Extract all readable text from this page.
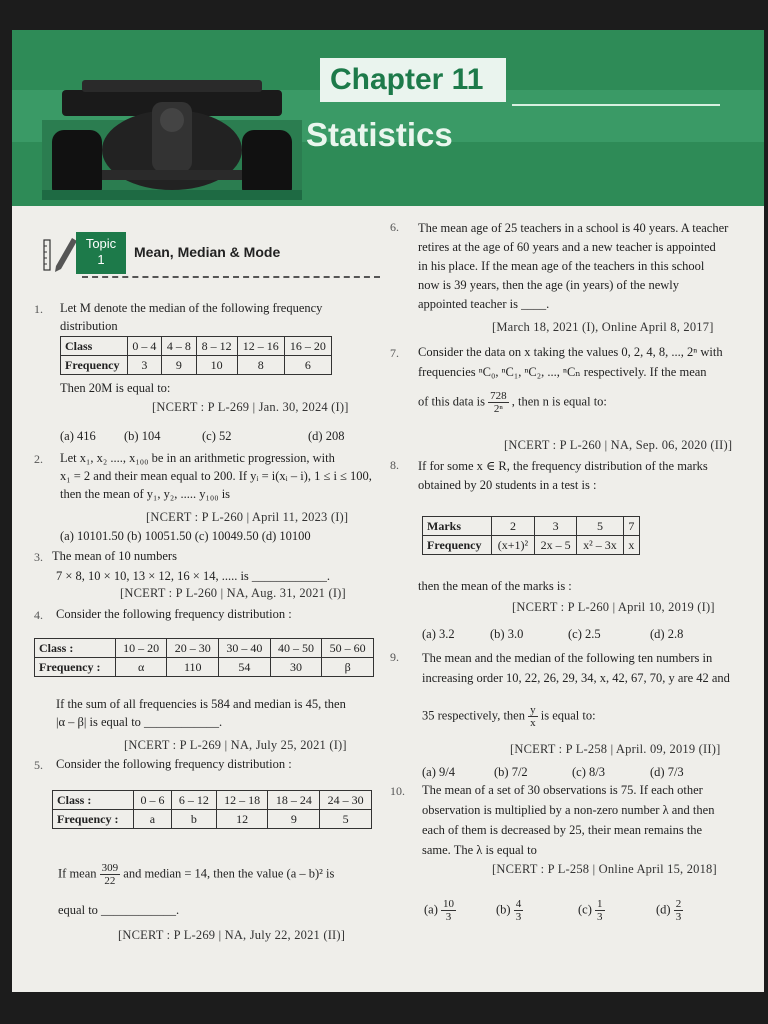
Chapter 11
Statistics
Topic
1	Mean, Median & Mode
1. Let M denote the median of the following frequency
distribution
Class	0 – 4	4 – 8	8 – 12	12 – 16	16 – 20
Frequency	3	9	10	8	6
Then 20M is equal to:
[NCERT : P L-269 | Jan. 30, 2024 (I)]
(a) 416 (b) 104	(c) 52	(d) 208
2. Let x₁, x₂ ...., x₁₀₀ be in an arithmetic progression, with
x₁ = 2 and their mean equal to 200. If yᵢ = i(xᵢ – i), 1 ≤ i ≤ 100,
then the mean of y₁, y₂, ..... y₁₀₀ is
[NCERT : P L-260 | April 11, 2023 (I)]
(a) 10101.50 (b) 10051.50 (c) 10049.50 (d) 10100
3. The mean of 10 numbers
7 × 8, 10 × 10, 13 × 12, 16 × 14, ..... is ____________.
[NCERT : P L-260 | NA, Aug. 31, 2021 (I)]
4. Consider the following frequency distribution :
Class :	10 – 20	20 – 30	30 – 40	40 – 50	50 – 60
Frequency :	α	110	54	30	β
If the sum of all frequencies is 584 and median is 45, then
|α – β| is equal to ____________.
[NCERT : P L-269 | NA, July 25, 2021 (I)]
5. Consider the following frequency distribution :
Class :	0 – 6	6 – 12	12 – 18	18 – 24	24 – 30
Frequency :	a	b	12	9	5
If mean $\frac{309}{22}$ and median = 14, then the value (a – b)² is
equal to ____________.
[NCERT : P L-269 | NA, July 22, 2021 (II)]
6. The mean age of 25 teachers in a school is 40 years. A teacher
retires at the age of 60 years and a new teacher is appointed
in his place. If the mean age of the teachers in this school
now is 39 years, then the age (in years) of the newly
appointed teacher is ____.
[March 18, 2021 (I), Online April 8, 2017]
7. Consider the data on x taking the values 0, 2, 4, 8, ..., 2ⁿ with
frequencies ⁿC₀, ⁿC₁, ⁿC₂, ..., ⁿCₙ respectively. If the mean
of this data is $\frac{728}{\text{2ⁿ}}$ , then n is equal to:
[NCERT : P L-260 | NA, Sep. 06, 2020 (II)]
8. If for some x ∈ R, the frequency distribution of the marks
obtained by 20 students in a test is :
Marks	2	3	5	7
Frequency	(x+1)²	2x – 5	x² – 3x	x
then the mean of the marks is :
[NCERT : P L-260 | April 10, 2019 (I)]
(a) 3.2	(b) 3.0	(c) 2.5	(d) 2.8
9. The mean and the median of the following ten numbers in
increasing order 10, 22, 26, 29, 34, x, 42, 67, 70, y are 42 and
35 respectively, then $\frac{y}{x}$ is equal to:
[NCERT : P L-258 | April. 09, 2019 (II)]
(a) 9/4	(b) 7/2	(c) 8/3	(d) 7/3
10. The mean of a set of 30 observations is 75. If each other
observation is multiplied by a non-zero number λ and then
each of them is decreased by 25, their mean remains the
same. The λ is equal to
[NCERT : P L-258 | Online April 15, 2018]
$(a) \frac{10}{3}$	$(b) \frac{4}{3}$	$(c) \frac{1}{3}$	$(d) \frac{2}{3}$
